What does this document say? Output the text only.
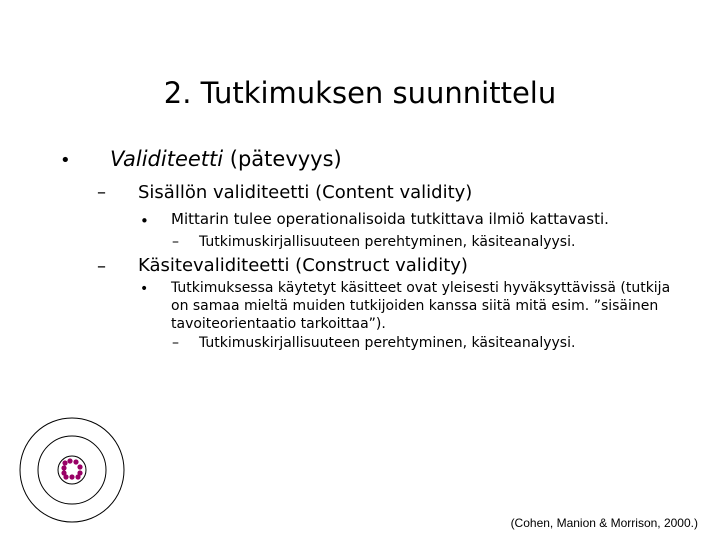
2. Tutkimuksen suunnittelu
• Validiteetti (pätevyys)
– Sisällön validiteetti (Content validity)
• Mittarin tulee operationalisoida tutkittava ilmiö kattavasti.
– Tutkimuskirjallisuuteen perehtyminen, käsiteanalyysi.
– Käsitevaliditeetti (Construct validity)
• Tutkimuksessa käytetyt käsitteet ovat yleisesti hyväksyttävissä (tutkija on samaa mieltä muiden tutkijoiden kanssa siitä mitä esim. ”sisäinen tavoiteorientaatio tarkoittaa”).
– Tutkimuskirjallisuuteen perehtyminen, käsiteanalyysi.
(Cohen, Manion & Morrison, 2000.)
